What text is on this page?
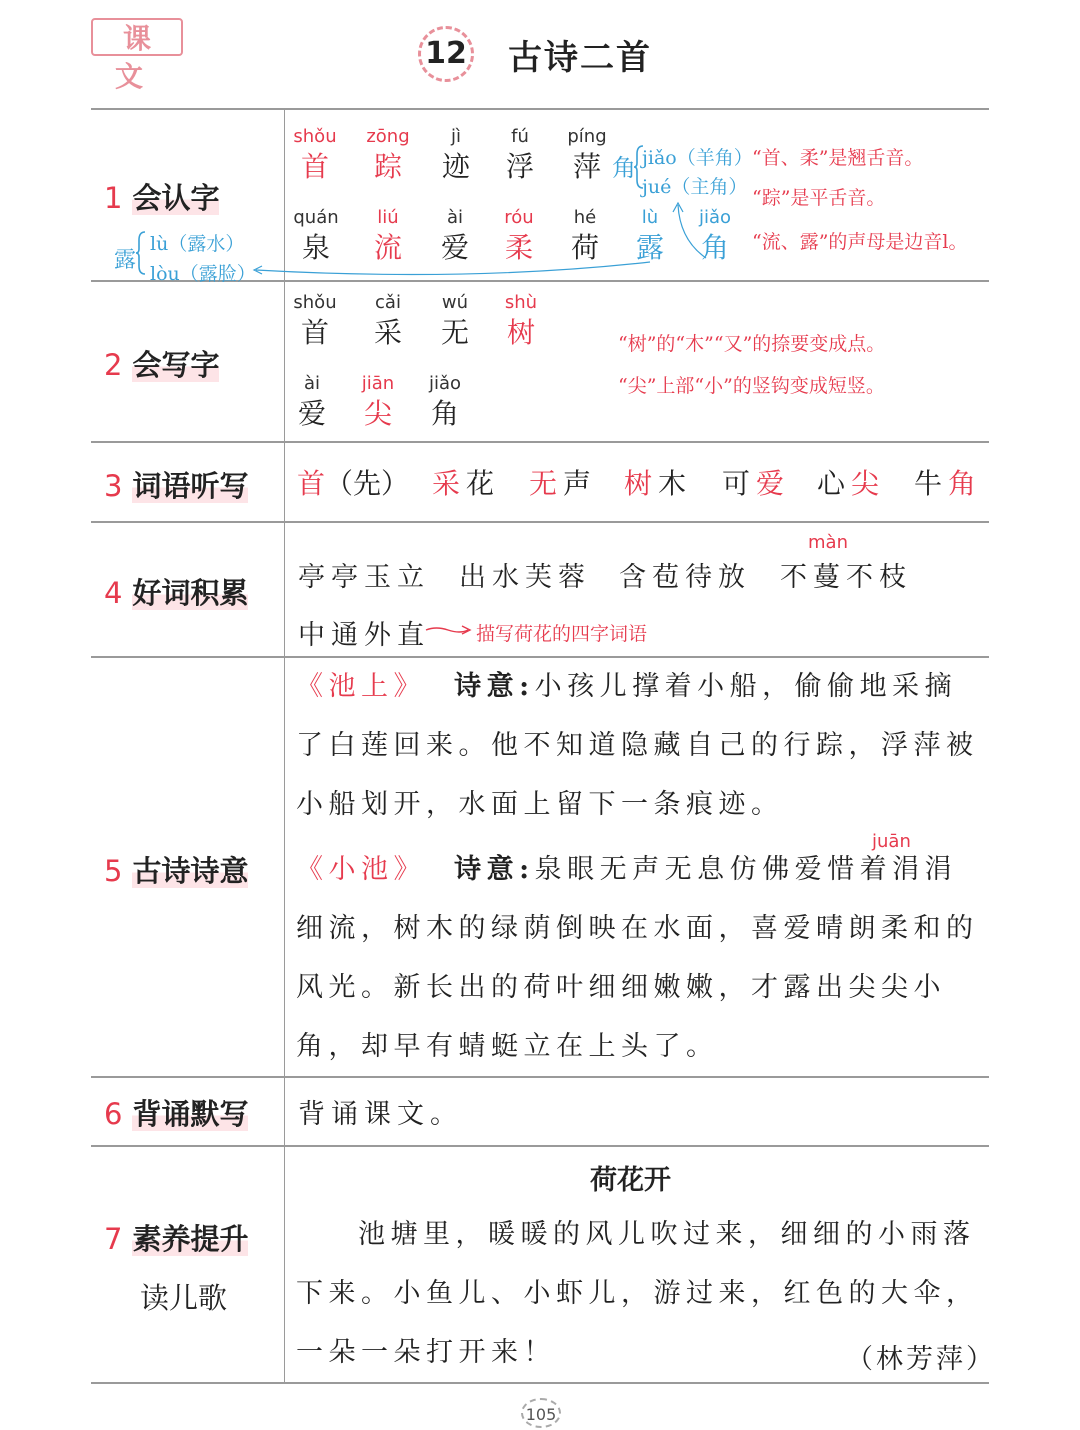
课 文
12 古诗二首
1 会认字
shǒu
首
zōng
踪
jì
迹
fú
浮
píng
萍
quán
泉
liú
流
ài
爱
róu
柔
hé
荷
lù
露
jiǎo
角
角 jiǎo（羊角）
jué（主角）
“首、柔”是翘舌音。
“踪”是平舌音。
“流、露”的声母是边音l。
露
lù（露水）
lòu（露脸）
2 会写字
shǒu
首
cǎi
采
wú
无
shù
树
ài
爱
jiān
尖
jiǎo
角
“树”的“木”“又”的捺要变成点。
“尖”上部“小”的竖钩变成短竖。
3 词语听写 首（先） 采花 无声 树木 可爱 心尖 牛角
4 好词积累 亭亭玉立 出水芙蓉 含苞待放 不蔓不枝
màn
中通外直 描写荷花的四字词语
5 古诗诗意
《池上》 诗意:小孩儿撑着小船，偷偷地采摘了白莲回来。他不知道隐藏自己的行踪，浮萍被小船划开，水面上留下一条痕迹。
juān
《小池》 诗意:泉眼无声无息仿佛爱惜着涓涓细流，树木的绿荫倒映在水面，喜爱晴朗柔和的风光。新长出的荷叶细细嫩嫩，才露出尖尖小角，却早有蜻蜓立在上头了。
6 背诵默写 背诵课文。
7 素养提升
读儿歌
荷花开
池塘里，暖暖的风儿吹过来，细细的小雨落下来。小鱼儿、小虾儿，游过来，红色的大伞，一朵一朵打开来！	（林芳萍）
105
